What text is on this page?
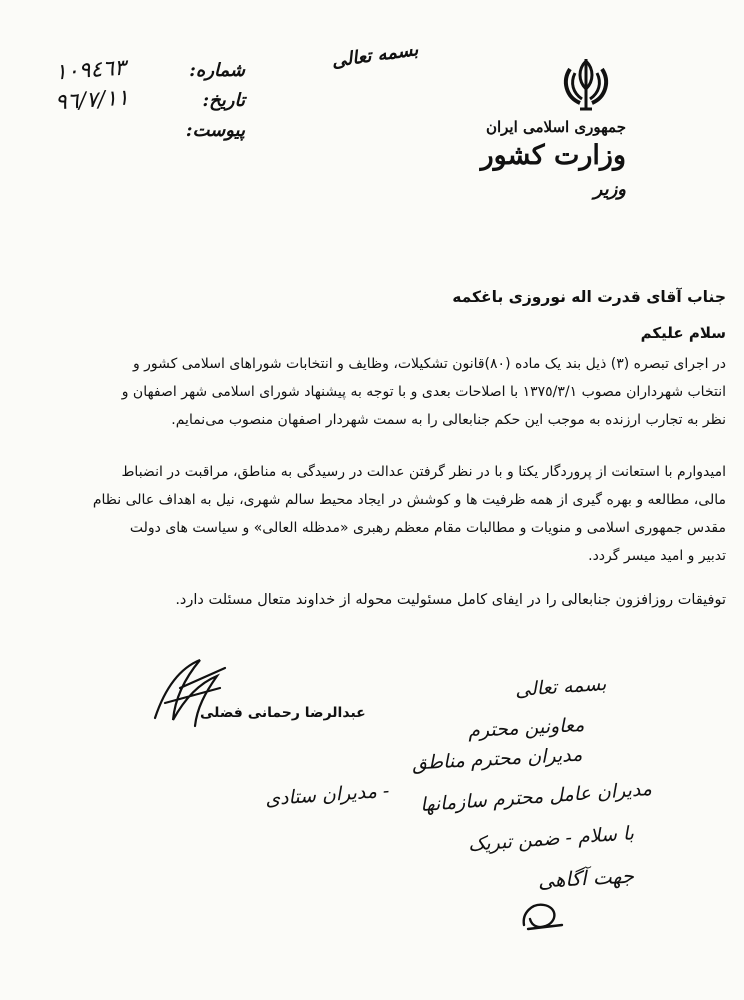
جمهوری اسلامی ایران
وزارت کشور
وزیر
بسمه تعالی
١٠٩٤٦٣	شماره:
٩٦/٧/١١	تاریخ:
پیوست:
جناب آقای قدرت اله نوروزی باغکمه
سلام علیکم
در اجرای تبصره (٣) ذیل بند یک ماده (٨٠)قانون تشکیلات، وظایف و انتخابات شوراهای اسلامی کشور و
انتخاب شهرداران مصوب ١٣٧٥/٣/١ با اصلاحات بعدی و با توجه به پیشنهاد شورای اسلامی شهر اصفهان و
نظر به تجارب ارزنده به موجب این حکم جنابعالی را به سمت شهردار اصفهان منصوب می‌نمایم.
امیدوارم با استعانت از پروردگار یکتا و با در نظر گرفتن عدالت در رسیدگی به مناطق، مراقبت در انضباط
مالی، مطالعه و بهره گیری از همه ظرفیت ها و کوشش در ایجاد محیط سالم شهری، نیل به اهداف عالی نظام
مقدس جمهوری اسلامی و منویات و مطالبات مقام معظم رهبری «مدظله العالی» و سیاست های دولت
تدبیر و امید میسر گردد.
توفیقات روزافزون جنابعالی را در ایفای کامل مسئولیت محوله از خداوند متعال مسئلت دارد.
عبدالرضا رحمانی فضلی
بسمه تعالی
معاونین محترم
مدیران محترم مناطق
مدیران عامل محترم سازمانها
با سلام - ضمن تبریک
جهت آگاهی
- مدیران ستادی
